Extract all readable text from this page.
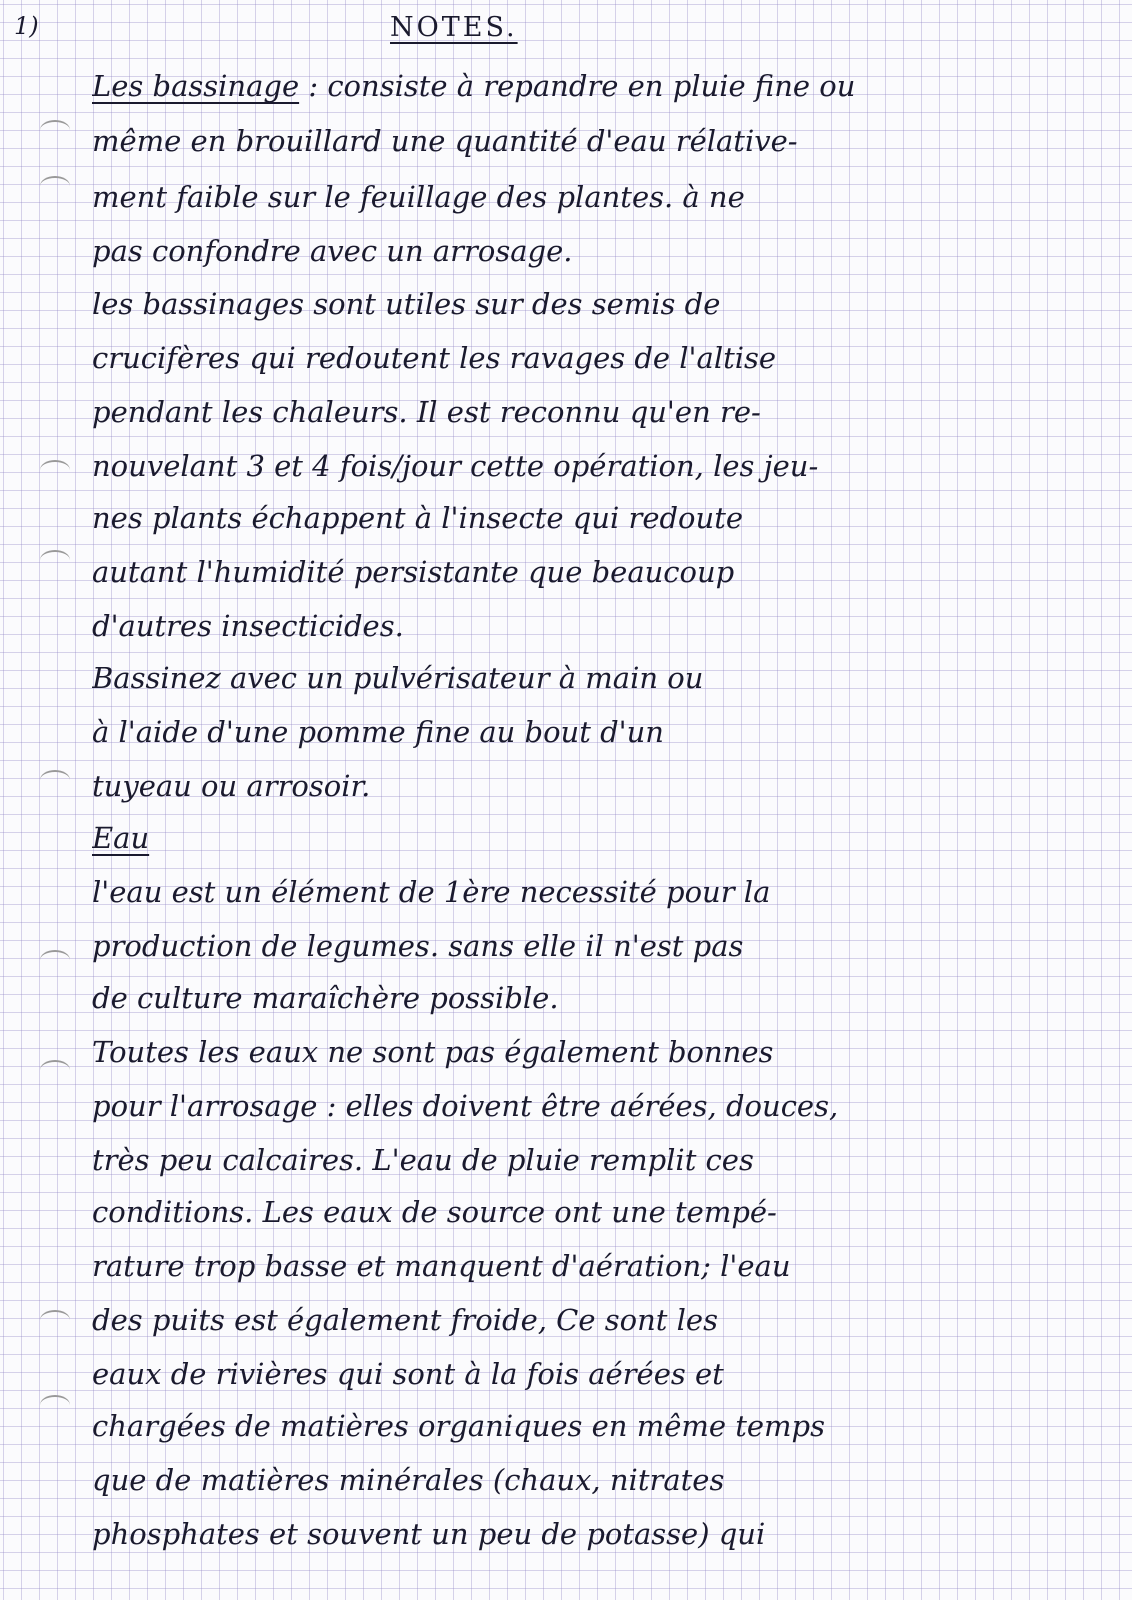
1)	NOTES.
Les bassinage : consiste à repandre en pluie fine ou
même en brouillard une quantité d'eau rélative-
ment faible sur le feuillage des plantes. à ne
pas confondre avec un arrosage.
les bassinages sont utiles sur des semis de
crucifères qui redoutent les ravages de l'altise
pendant les chaleurs. Il est reconnu qu'en re-
nouvelant 3 et 4 fois/jour cette opération, les jeu-
nes plants échappent à l'insecte qui redoute
autant l'humidité persistante que beaucoup
d'autres insecticides.
Bassinez avec un pulvérisateur à main ou
à l'aide d'une pomme fine au bout d'un
tuyeau ou arrosoir.
Eau
l'eau est un élément de 1ère necessité pour la
production de legumes. sans elle il n'est pas
de culture maraîchère possible.
Toutes les eaux ne sont pas également bonnes
pour l'arrosage : elles doivent être aérées, douces,
très peu calcaires. L'eau de pluie remplit ces
conditions. Les eaux de source ont une tempé-
rature trop basse et manquent d'aération; l'eau
des puits est également froide, Ce sont les
eaux de rivières qui sont à la fois aérées et
chargées de matières organiques en même temps
que de matières minérales (chaux, nitrates
phosphates et souvent un peu de potasse) qui
